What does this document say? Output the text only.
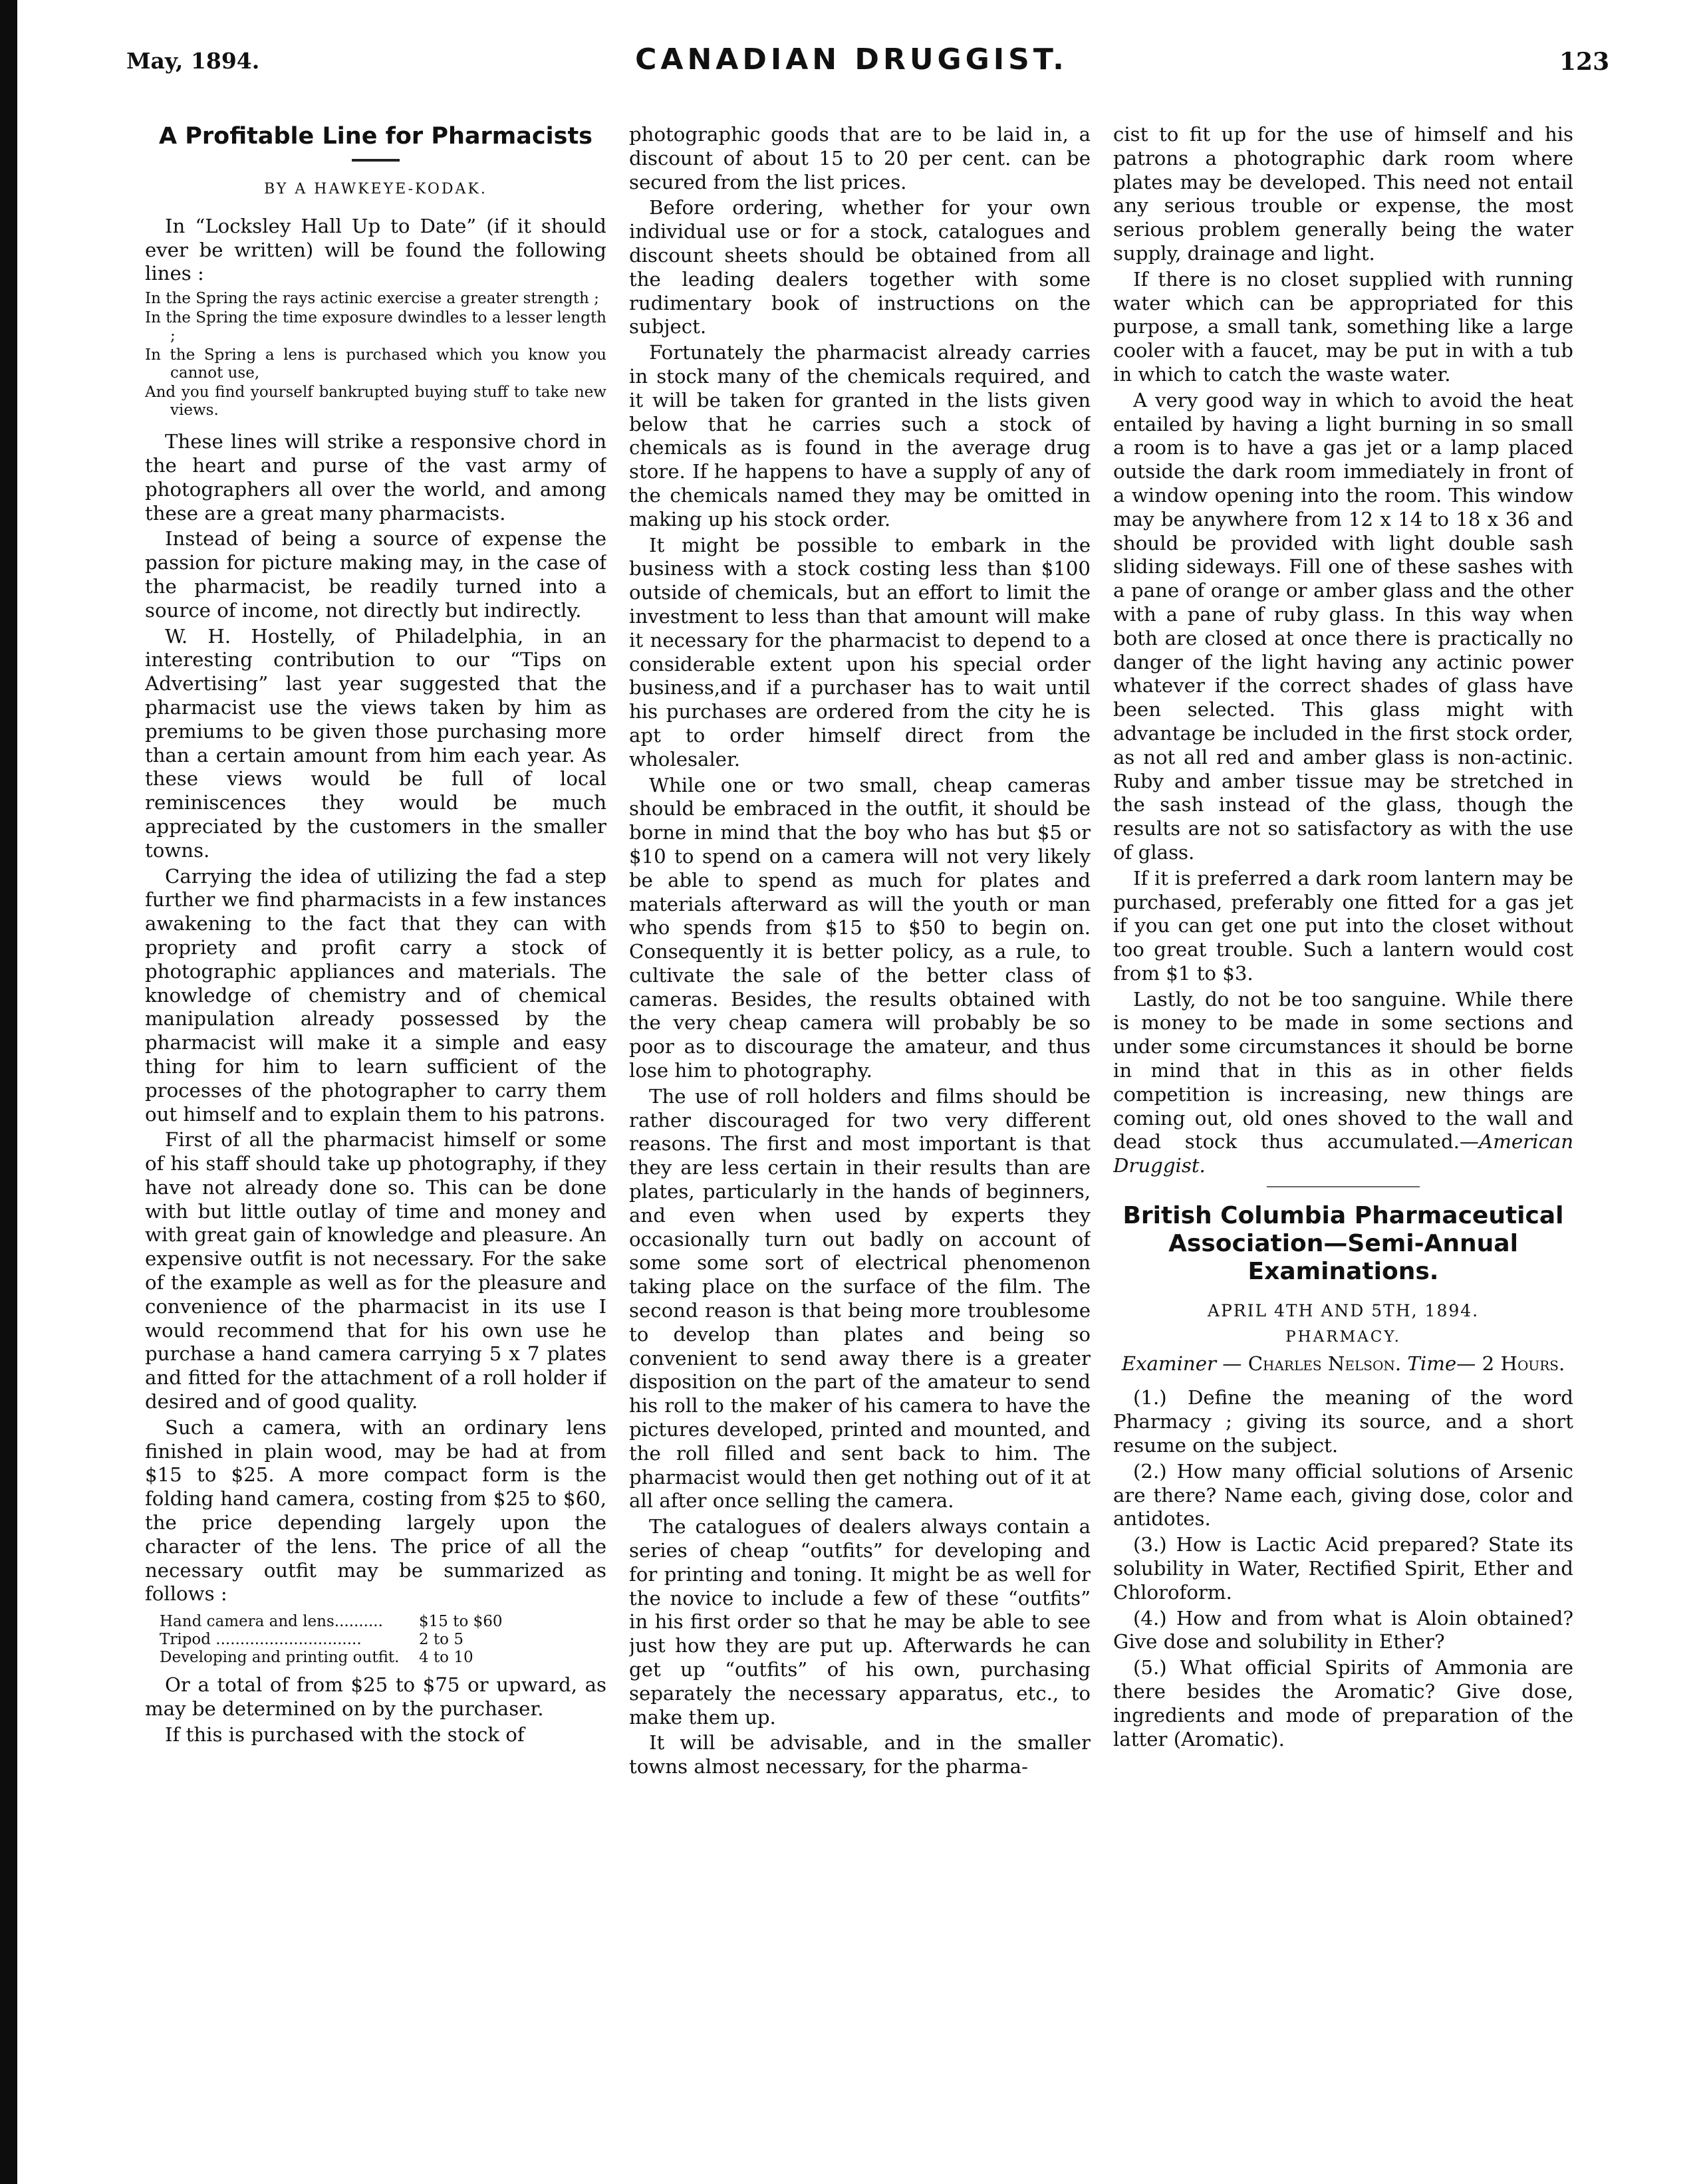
May, 1894.	CANADIAN DRUGGIST.	123
A Profitable Line for Pharmacists
BY A HAWKEYE-KODAK.

In “Locksley Hall Up to Date” (if it should ever be written) will be found the following lines :

In the Spring the rays actinic exercise a greater strength ;
In the Spring the time exposure dwindles to a lesser length ;
In the Spring a lens is purchased which you know you cannot use,
And you find yourself bankrupted buying stuff to take new views.

These lines will strike a responsive chord in the heart and purse of the vast army of photographers all over the world, and among these are a great many pharmacists.

Instead of being a source of expense the passion for picture making may, in the case of the pharmacist, be readily turned into a source of income, not directly but indirectly.

W. H. Hostelly, of Philadelphia, in an interesting contribution to our “Tips on Advertising” last year suggested that the pharmacist use the views taken by him as premiums to be given those purchasing more than a certain amount from him each year. As these views would be full of local reminiscences they would be much appreciated by the customers in the smaller towns.

Carrying the idea of utilizing the fad a step further we find pharmacists in a few instances awakening to the fact that they can with propriety and profit carry a stock of photographic appliances and materials. The knowledge of chemistry and of chemical manipulation already possessed by the pharmacist will make it a simple and easy thing for him to learn sufficient of the processes of the photographer to carry them out himself and to explain them to his patrons.

First of all the pharmacist himself or some of his staff should take up photography, if they have not already done so. This can be done with but little outlay of time and money and with great gain of knowledge and pleasure. An expensive outfit is not necessary. For the sake of the example as well as for the pleasure and convenience of the pharmacist in its use I would recommend that for his own use he purchase a hand camera carrying 5 x 7 plates and fitted for the attachment of a roll holder if desired and of good quality.

Such a camera, with an ordinary lens finished in plain wood, may be had at from $15 to $25. A more compact form is the folding hand camera, costing from $25 to $60, the price depending largely upon the character of the lens. The price of all the necessary outfit may be summarized as follows :

Hand camera and lens..........	$15 to $60
Tripod ..............................	2 to 5
Developing and printing outfit.	4 to 10

Or a total of from $25 to $75 or upward, as may be determined on by the purchaser.

If this is purchased with the stock of

photographic goods that are to be laid in, a discount of about 15 to 20 per cent. can be secured from the list prices.

Before ordering, whether for your own individual use or for a stock, catalogues and discount sheets should be obtained from all the leading dealers together with some rudimentary book of instructions on the subject.

Fortunately the pharmacist already carries in stock many of the chemicals required, and it will be taken for granted in the lists given below that he carries such a stock of chemicals as is found in the average drug store. If he happens to have a supply of any of the chemicals named they may be omitted in making up his stock order.

It might be possible to embark in the business with a stock costing less than $100 outside of chemicals, but an effort to limit the investment to less than that amount will make it necessary for the pharmacist to depend to a considerable extent upon his special order business,and if a purchaser has to wait until his purchases are ordered from the city he is apt to order himself direct from the wholesaler.

While one or two small, cheap cameras should be embraced in the outfit, it should be borne in mind that the boy who has but $5 or $10 to spend on a camera will not very likely be able to spend as much for plates and materials afterward as will the youth or man who spends from $15 to $50 to begin on. Consequently it is better policy, as a rule, to cultivate the sale of the better class of cameras. Besides, the results obtained with the very cheap camera will probably be so poor as to discourage the amateur, and thus lose him to photography.

The use of roll holders and films should be rather discouraged for two very different reasons. The first and most important is that they are less certain in their results than are plates, particularly in the hands of beginners, and even when used by experts they occasionally turn out badly on account of some some sort of electrical phenomenon taking place on the surface of the film. The second reason is that being more troublesome to develop than plates and being so convenient to send away there is a greater disposition on the part of the amateur to send his roll to the maker of his camera to have the pictures developed, printed and mounted, and the roll filled and sent back to him. The pharmacist would then get nothing out of it at all after once selling the camera.

The catalogues of dealers always contain a series of cheap “outfits” for developing and for printing and toning. It might be as well for the novice to include a few of these “outfits” in his first order so that he may be able to see just how they are put up. Afterwards he can get up “outfits” of his own, purchasing separately the necessary apparatus, etc., to make them up.

It will be advisable, and in the smaller towns almost necessary, for the pharma-

cist to fit up for the use of himself and his patrons a photographic dark room where plates may be developed. This need not entail any serious trouble or expense, the most serious problem generally being the water supply, drainage and light.

If there is no closet supplied with running water which can be appropriated for this purpose, a small tank, something like a large cooler with a faucet, may be put in with a tub in which to catch the waste water.

A very good way in which to avoid the heat entailed by having a light burning in so small a room is to have a gas jet or a lamp placed outside the dark room immediately in front of a window opening into the room. This window may be anywhere from 12 x 14 to 18 x 36 and should be provided with light double sash sliding sideways. Fill one of these sashes with a pane of orange or amber glass and the other with a pane of ruby glass. In this way when both are closed at once there is practically no danger of the light having any actinic power whatever if the correct shades of glass have been selected. This glass might with advantage be included in the first stock order, as not all red and amber glass is non-actinic. Ruby and amber tissue may be stretched in the sash instead of the glass, though the results are not so satisfactory as with the use of glass.

If it is preferred a dark room lantern may be purchased, preferably one fitted for a gas jet if you can get one put into the closet without too great trouble. Such a lantern would cost from $1 to $3.

Lastly, do not be too sanguine. While there is money to be made in some sections and under some circumstances it should be borne in mind that in this as in other fields competition is increasing, new things are coming out, old ones shoved to the wall and dead stock thus accumulated.—American Druggist.

British Columbia Pharmaceutical Association—Semi-Annual Examinations.
APRIL 4TH AND 5TH, 1894.
PHARMACY.
Examiner — Charles Nelson. Time— 2 Hours.

(1.) Define the meaning of the word Pharmacy ; giving its source, and a short resume on the subject.

(2.) How many official solutions of Arsenic are there? Name each, giving dose, color and antidotes.

(3.) How is Lactic Acid prepared? State its solubility in Water, Rectified Spirit, Ether and Chloroform.

(4.) How and from what is Aloin obtained? Give dose and solubility in Ether?

(5.) What official Spirits of Ammonia are there besides the Aromatic? Give dose, ingredients and mode of preparation of the latter (Aromatic).
